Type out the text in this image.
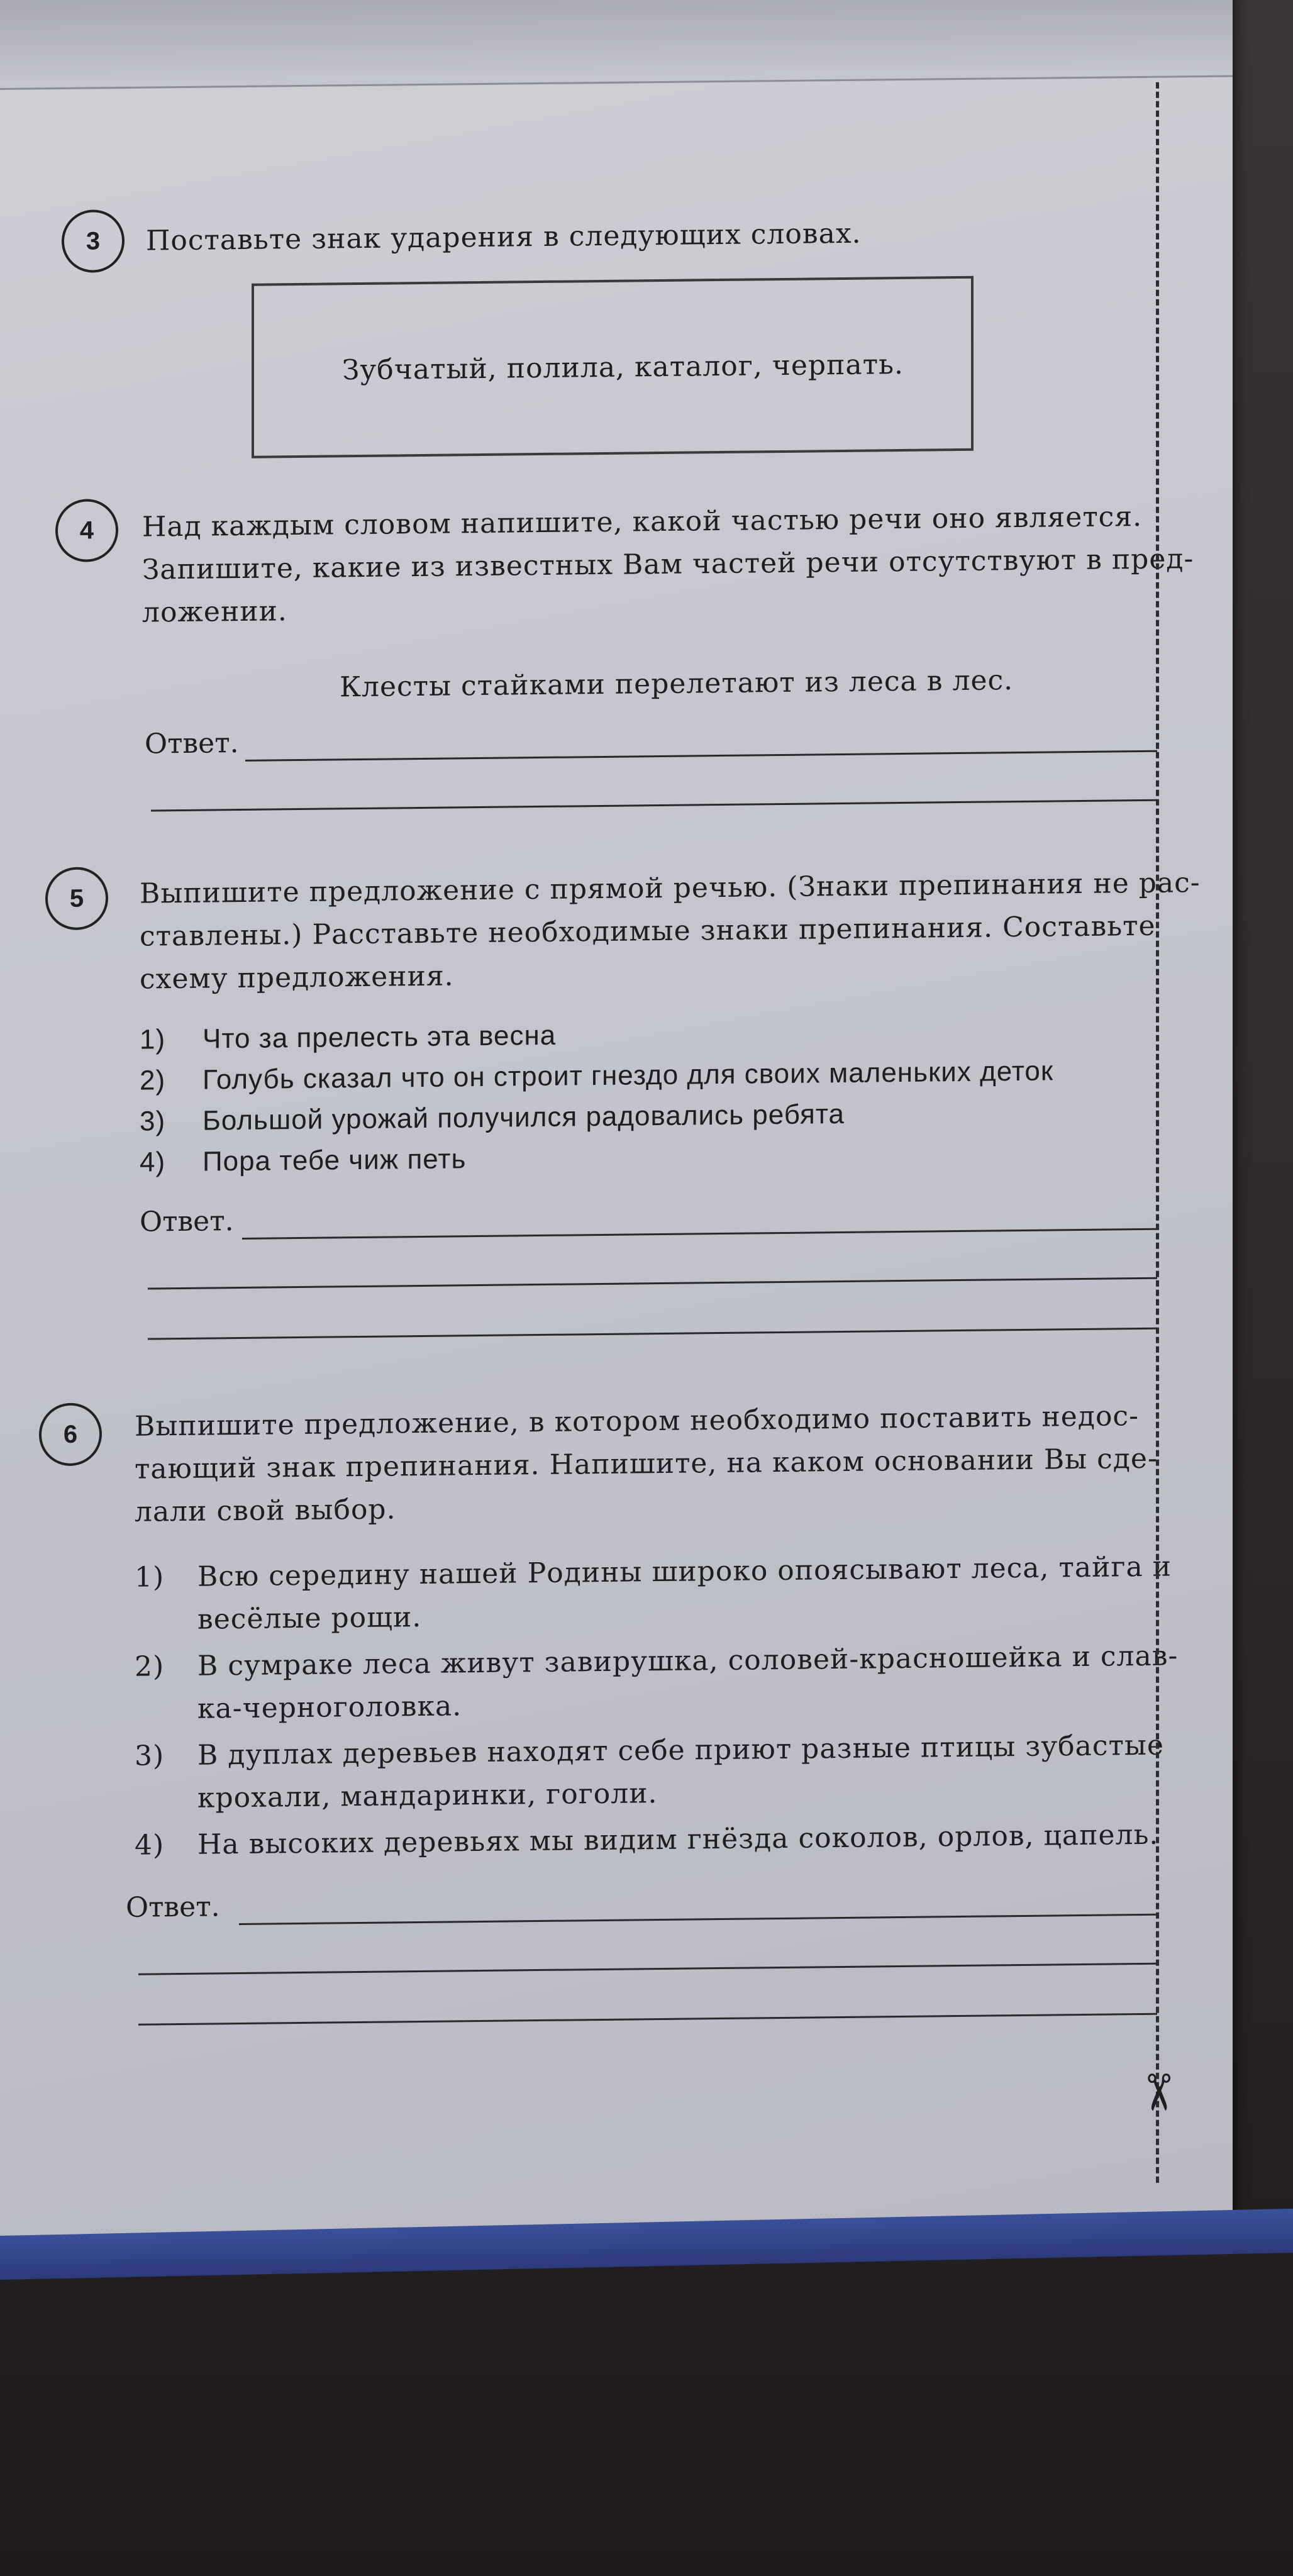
3	Поставьте знак ударения в следующих словах.
Зубчатый, полила, каталог, черпать.
4	Над каждым словом напишите, какой частью речи оно является.
Запишите, какие из известных Вам частей речи отсутствуют в пред-
ложении.
Клесты стайками перелетают из леса в лес.
Ответ.
5	Выпишите предложение с прямой речью. (Знаки препинания не рас-
ставлены.) Расставьте необходимые знаки препинания. Составьте
схему предложения.
1) Что за прелесть эта весна
2) Голубь сказал что он строит гнездо для своих маленьких деток
3) Большой урожай получился радовались ребята
4) Пора тебе чиж петь
Ответ.
6	Выпишите предложение, в котором необходимо поставить недос-
тающий знак препинания. Напишите, на каком основании Вы сде-
лали свой выбор.
1) Всю середину нашей Родины широко опоясывают леса, тайга и
весёлые рощи.
2) В сумраке леса живут завирушка, соловей-красношейка и слав-
ка-черноголовка.
3) В дуплах деревьев находят себе приют разные птицы зубастые
крохали, мандаринки, гоголи.
4) На высоких деревьях мы видим гнёзда соколов, орлов, цапель.
Ответ.
✂
